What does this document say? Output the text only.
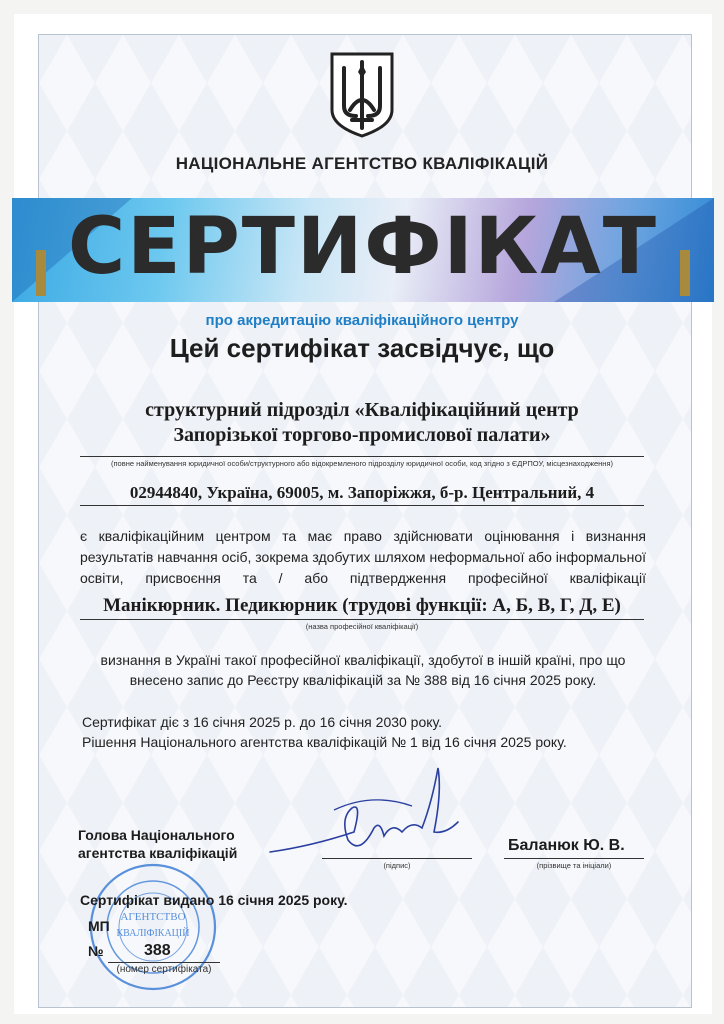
НАЦІОНАЛЬНЕ АГЕНТСТВО КВАЛІФІКАЦІЙ
СЕРТИФІКАТ
про акредитацію кваліфікаційного центру
Цей сертифікат засвідчує, що
структурний підрозділ «Кваліфікаційний центр
Запорізької торгово-промислової палати»
(повне найменування юридичної особи/структурного або відокремленого підрозділу юридичної особи, код згідно з ЄДРПОУ, місцезнаходження)
02944840, Україна, 69005, м. Запоріжжя, б-р. Центральний, 4
є кваліфікаційним центром та має право здійснювати оцінювання і визнання результатів навчання осіб, зокрема здобутих шляхом неформальної або інформальної освіти, присвоєння та / або підтвердження професійної кваліфікації
Манікюрник. Педикюрник (трудові функції: А, Б, В, Г, Д, Е)
(назва професійної кваліфікації)
визнання в Україні такої професійної кваліфікації, здобутої в іншій країні, про що
внесено запис до Реєстру кваліфікацій за № 388 від 16 січня 2025 року.
Сертифікат діє з 16 січня 2025 р. до 16 січня 2030 року.
Рішення Національного агентства кваліфікацій № 1 від 16 січня 2025 року.
Голова Національного
агентства кваліфікацій
(підпис)
Баланюк Ю. В.
(прізвище та ініціали)
АГЕНТСТВО
КВАЛІФІКАЦІЙ
Сертифікат видано 16 січня 2025 року.
МП
№	388
(номер сертифіката)
